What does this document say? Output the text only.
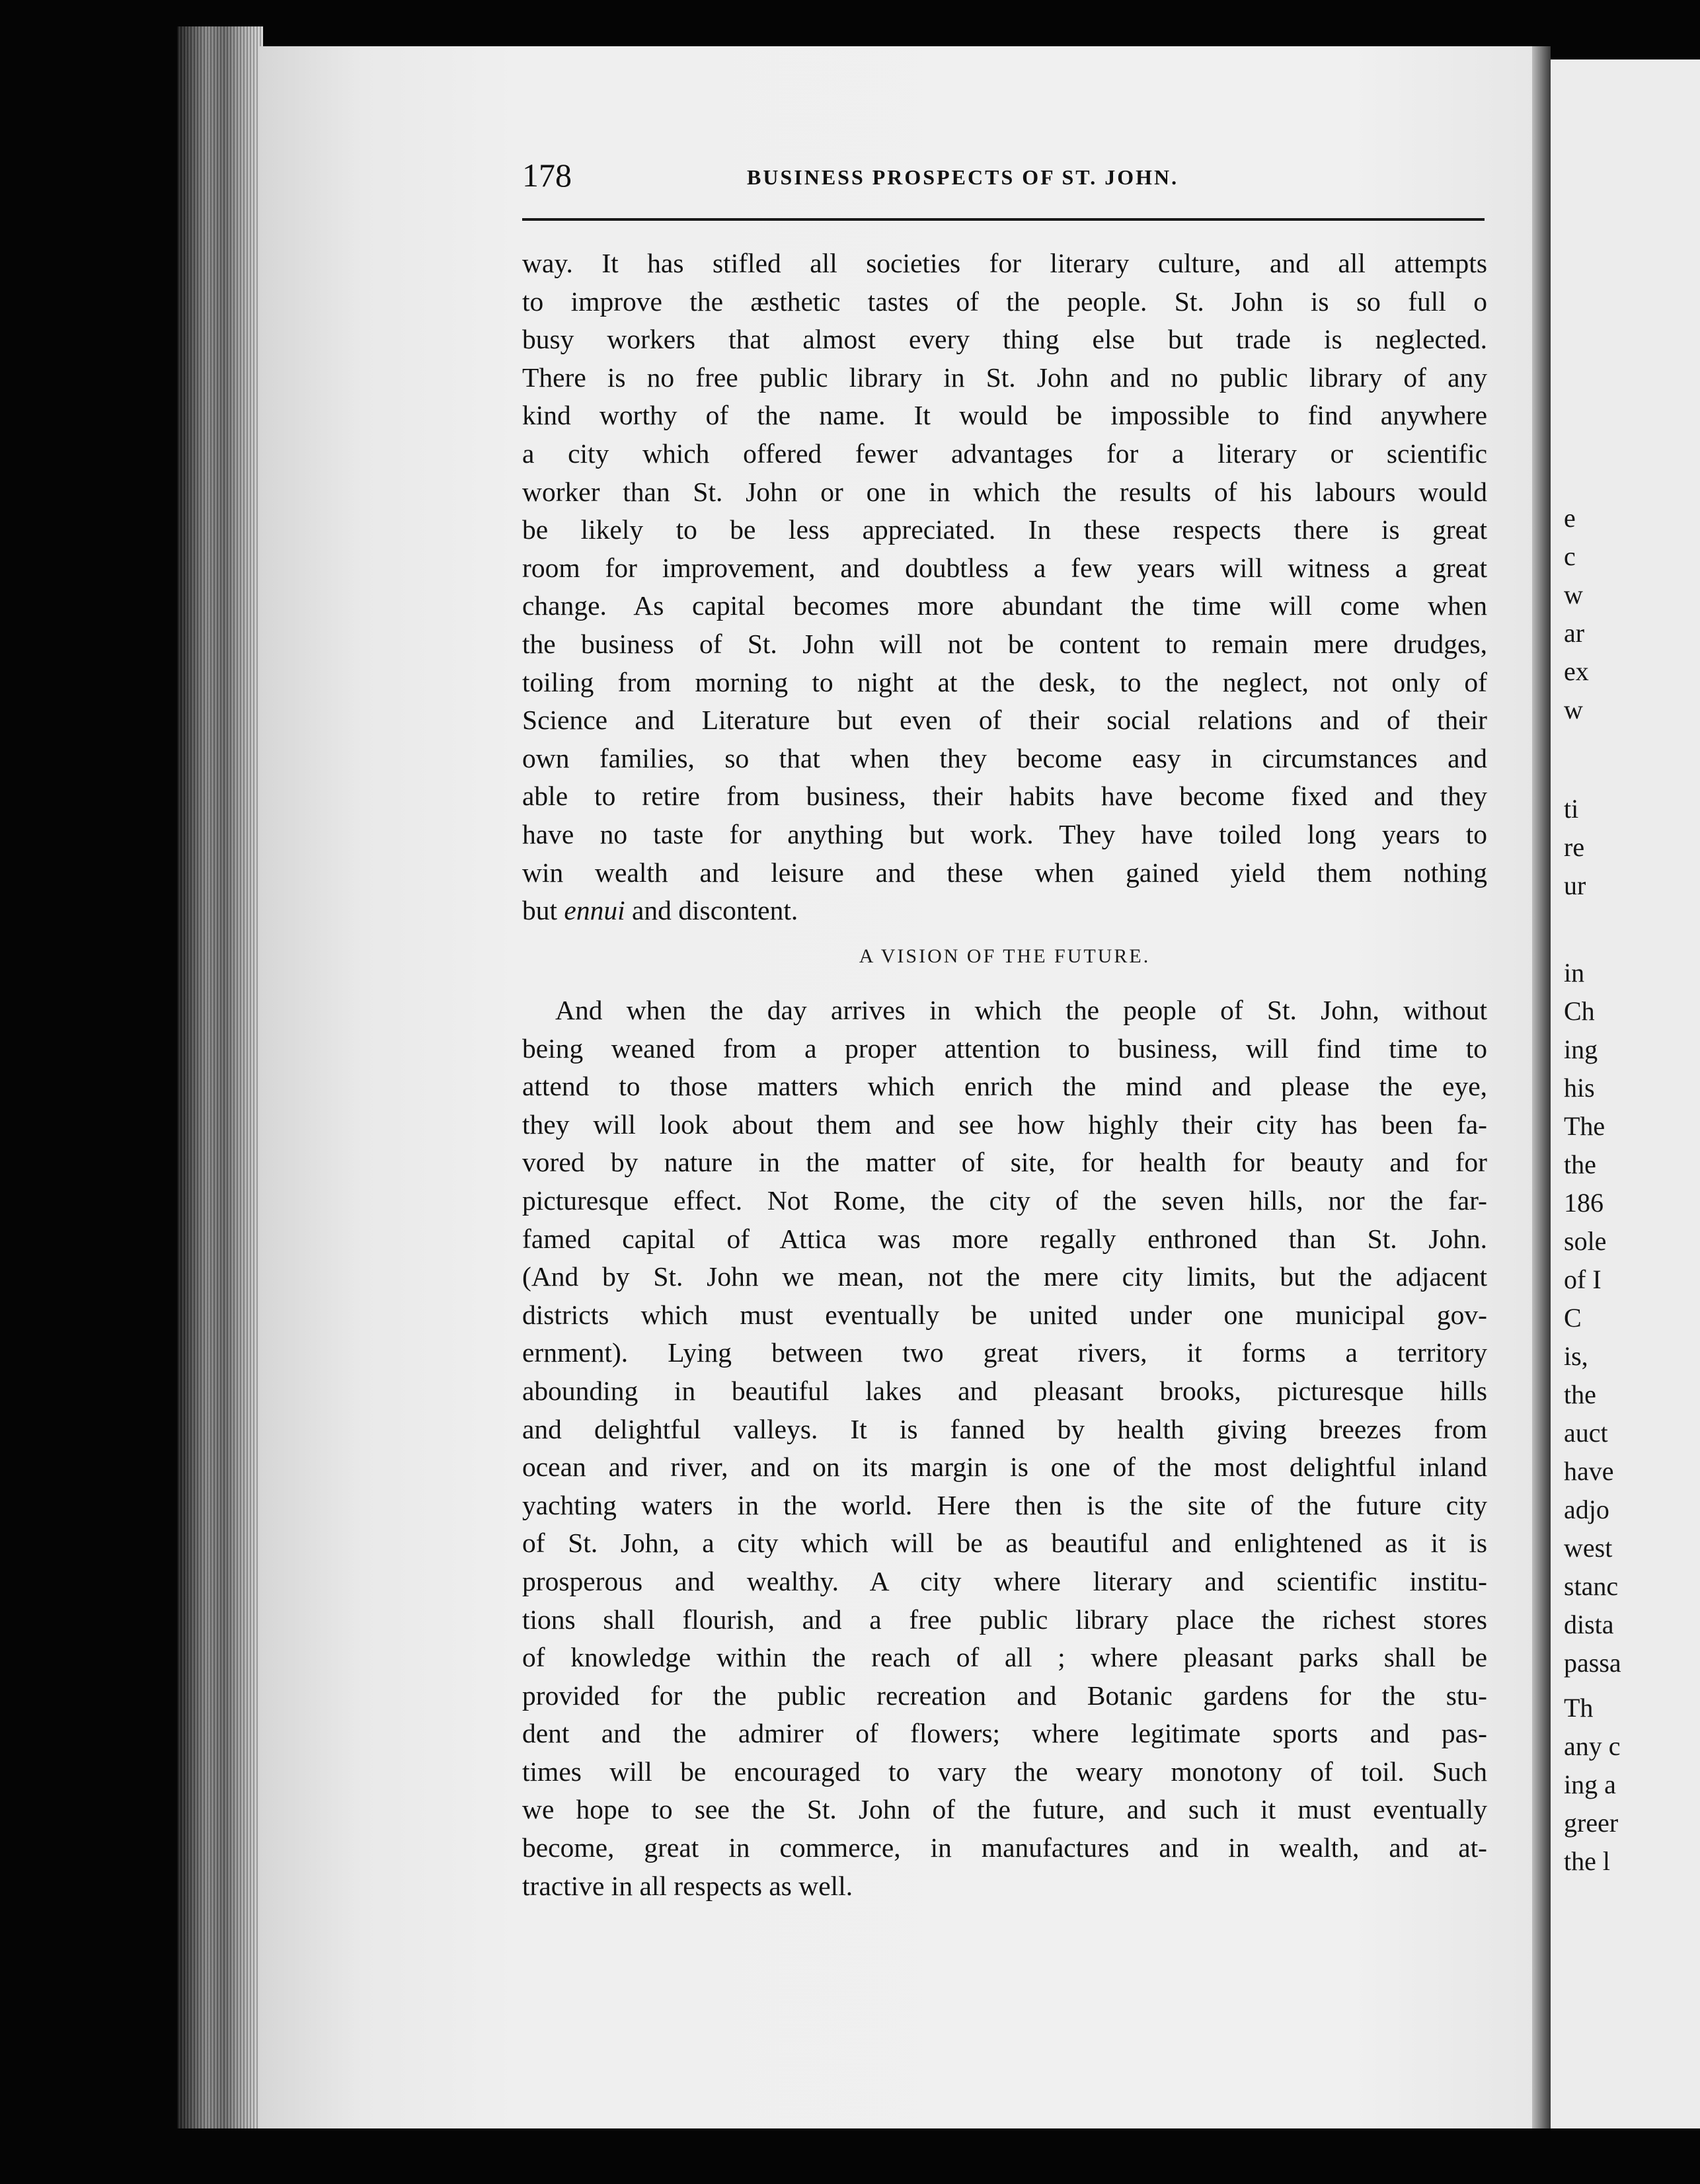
e
c
w
ar
ex
w
ti
re
ur
in
Ch
ing
his
The
the
186
sole
of I
C
is,
the
auct
have
adjo
west
stanc
dista
passa
Th
any c
ing a
greer
the l
178	BUSINESS PROSPECTS OF ST. JOHN.
way. It has stifled all societies for literary culture, and all attempts
to improve the æsthetic tastes of the people. St. John is so full o
busy workers that almost every thing else but trade is neglected.
There is no free public library in St. John and no public library of any
kind worthy of the name. It would be impossible to find anywhere
a city which offered fewer advantages for a literary or scientific
worker than St. John or one in which the results of his labours would
be likely to be less appreciated. In these respects there is great
room for improvement, and doubtless a few years will witness a great
change. As capital becomes more abundant the time will come when
the business of St. John will not be content to remain mere drudges,
toiling from morning to night at the desk, to the neglect, not only of
Science and Literature but even of their social relations and of their
own families, so that when they become easy in circumstances and
able to retire from business, their habits have become fixed and they
have no taste for anything but work. They have toiled long years to
win wealth and leisure and these when gained yield them nothing
but ennui and discontent.
A VISION OF THE FUTURE.
And when the day arrives in which the people of St. John, without
being weaned from a proper attention to business, will find time to
attend to those matters which enrich the mind and please the eye,
they will look about them and see how highly their city has been fa-
vored by nature in the matter of site, for health for beauty and for
picturesque effect. Not Rome, the city of the seven hills, nor the far-
famed capital of Attica was more regally enthroned than St. John.
(And by St. John we mean, not the mere city limits, but the adjacent
districts which must eventually be united under one municipal gov-
ernment). Lying between two great rivers, it forms a territory
abounding in beautiful lakes and pleasant brooks, picturesque hills
and delightful valleys. It is fanned by health giving breezes from
ocean and river, and on its margin is one of the most delightful inland
yachting waters in the world. Here then is the site of the future city
of St. John, a city which will be as beautiful and enlightened as it is
prosperous and wealthy. A city where literary and scientific institu-
tions shall flourish, and a free public library place the richest stores
of knowledge within the reach of all ; where pleasant parks shall be
provided for the public recreation and Botanic gardens for the stu-
dent and the admirer of flowers; where legitimate sports and pas-
times will be encouraged to vary the weary monotony of toil. Such
we hope to see the St. John of the future, and such it must eventually
become, great in commerce, in manufactures and in wealth, and at-
tractive in all respects as well.
